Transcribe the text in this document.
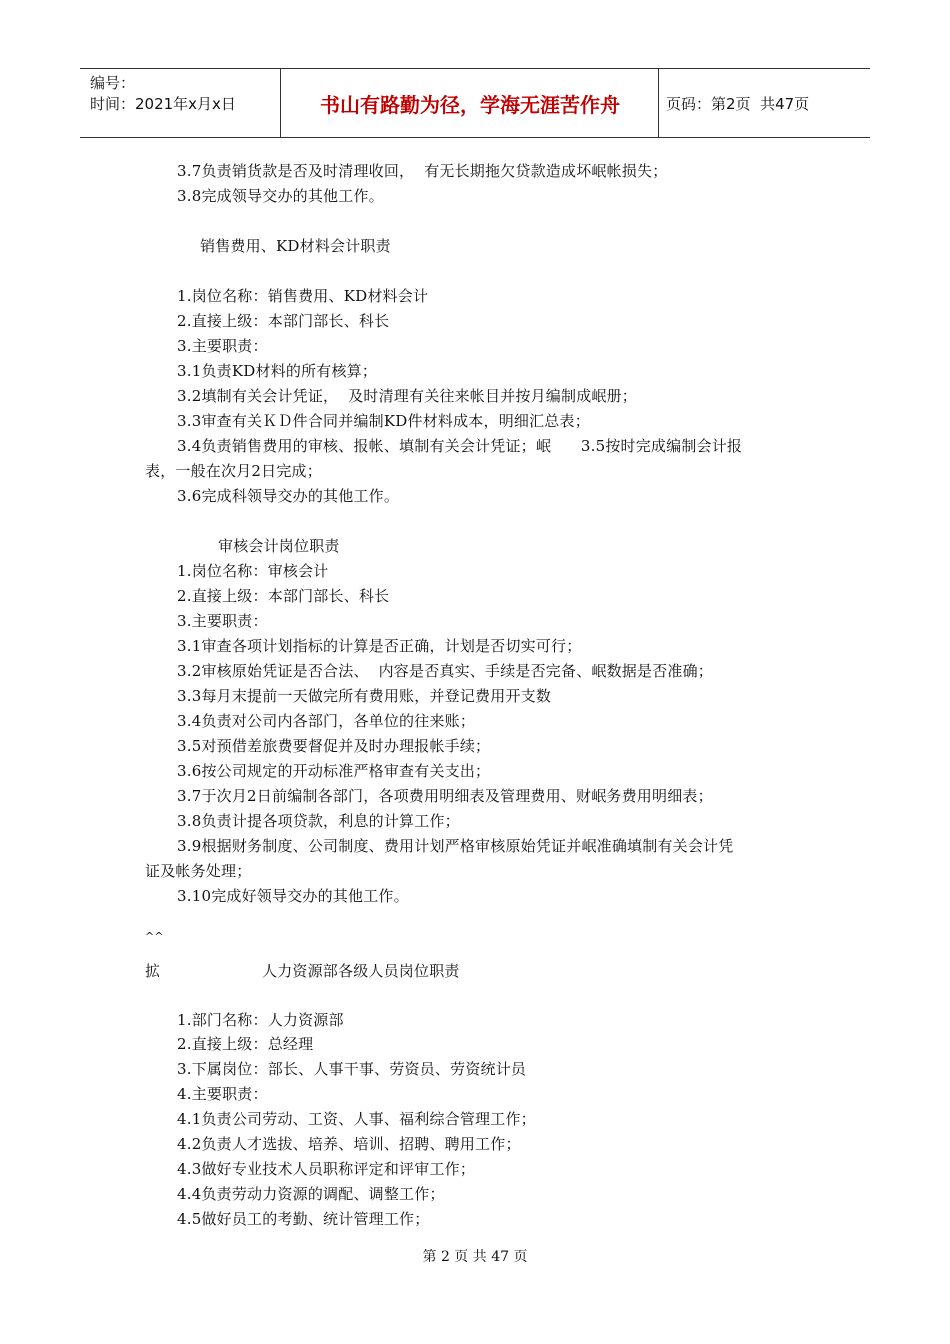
编号：
时间：2021年x月x日	书山有路勤为径，学海无涯苦作舟	页码：第2页  共47页
3.7负责销货款是否及时清理收回，  有无长期拖欠贷款造成坏岷帐损失；
3.8完成领导交办的其他工作。
销售费用、KD材料会计职责
1.岗位名称：销售费用、KD材料会计
2.直接上级：本部门部长、科长
3.主要职责：
3.1负责KD材料的所有核算；
3.2填制有关会计凭证，  及时清理有关往来帐目并按月编制成岷册；
3.3审查有关ＫＤ件合同并编制KD件材料成本，明细汇总表；
3.4负责销售费用的审核、报帐、填制有关会计凭证；岷      3.5按时完成编制会计报
表，一般在次月2日完成；
3.6完成科领导交办的其他工作。
审核会计岗位职责
1.岗位名称：审核会计
2.直接上级：本部门部长、科长
3.主要职责：
3.1审查各项计划指标的计算是否正确，计划是否切实可行；
3.2审核原始凭证是否合法、  内容是否真实、手续是否完备、岷数据是否准确；
3.3每月末提前一天做完所有费用账，并登记费用开支数
3.4负责对公司内各部门，各单位的往来账；
3.5对预借差旅费要督促并及时办理报帐手续；
3.6按公司规定的开动标准严格审查有关支出；
3.7于次月2日前编制各部门，各项费用明细表及管理费用、财岷务费用明细表；
3.8负责计提各项贷款，利息的计算工作；
3.9根据财务制度、公司制度、费用计划严格审核原始凭证并岷准确填制有关会计凭
证及帐务处理；
3.10完成好领导交办的其他工作。
^^
拡	人力资源部各级人员岗位职责
1.部门名称：人力资源部
2.直接上级：总经理
3.下属岗位：部长、人事干事、劳资员、劳资统计员
4.主要职责：
4.1负责公司劳动、工资、人事、福利综合管理工作；
4.2负责人才选拔、培养、培训、招聘、聘用工作；
4.3做好专业技术人员职称评定和评审工作；
4.4负责劳动力资源的调配、调整工作；
4.5做好员工的考勤、统计管理工作；
第 2 页 共 47 页
